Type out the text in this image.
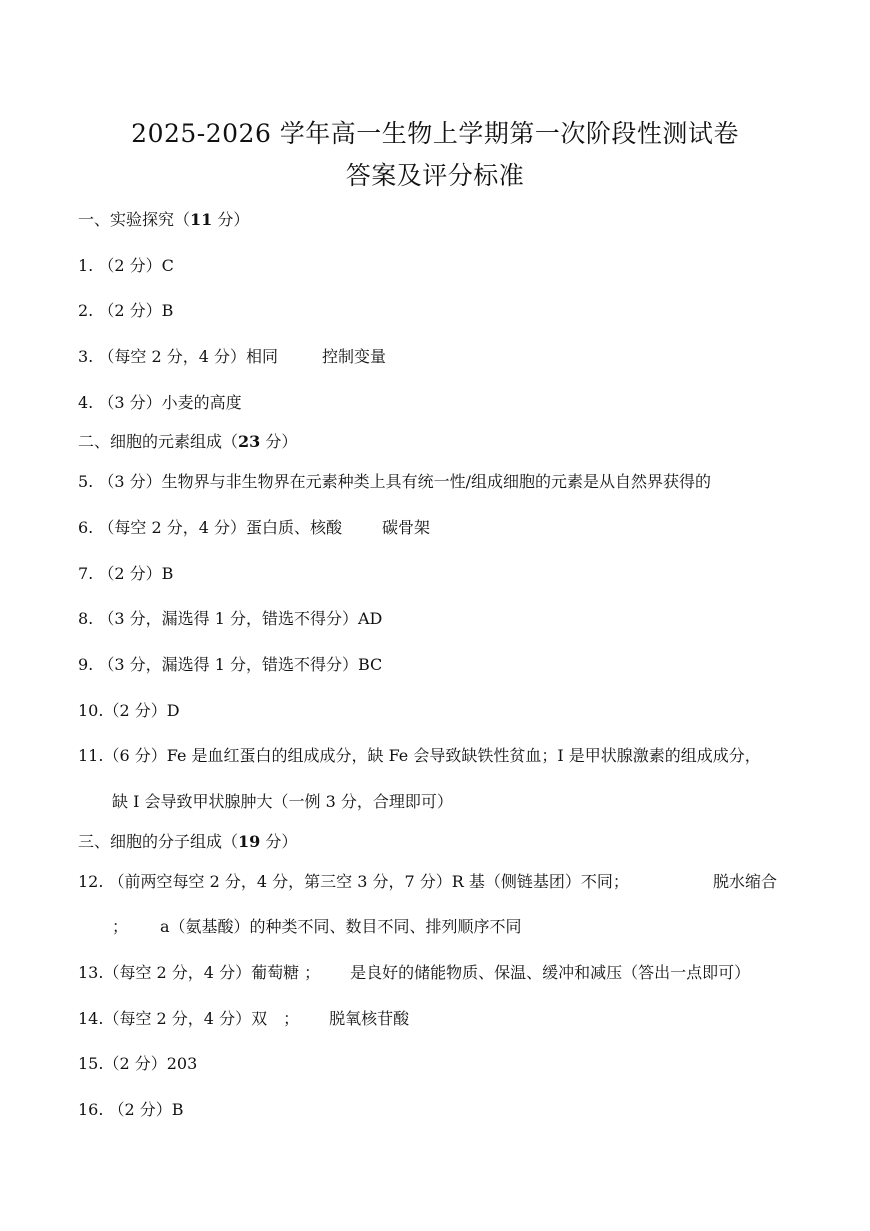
2025-2026 学年高一生物上学期第一次阶段性测试卷
答案及评分标准
一、实验探究（11 分）
1. （2 分）C
2. （2 分）B
3. （每空 2 分，4 分）相同	控制变量
4. （3 分）小麦的高度
二、细胞的元素组成（23 分）
5. （3 分）生物界与非生物界在元素种类上具有统一性/组成细胞的元素是从自然界获得的
6. （每空 2 分，4 分）蛋白质、核酸	碳骨架
7. （2 分）B
8. （3 分，漏选得 1 分，错选不得分）AD
9. （3 分，漏选得 1 分，错选不得分）BC
10.（2 分）D
11.（6 分）Fe 是血红蛋白的组成成分，缺 Fe 会导致缺铁性贫血；I 是甲状腺激素的组成成分，
缺 I 会导致甲状腺肿大（一例 3 分，合理即可）
三、细胞的分子组成（19 分）
12. （前两空每空 2 分，4 分，第三空 3 分，7 分）R 基（侧链基团）不同；	脱水缩合
； a（氨基酸）的种类不同、数目不同、排列顺序不同
13.（每空 2 分，4 分）葡萄糖 ； 是良好的储能物质、保温、缓冲和减压（答出一点即可）
14.（每空 2 分，4 分）双　； 脱氧核苷酸
15.（2 分）203
16. （2 分）B
